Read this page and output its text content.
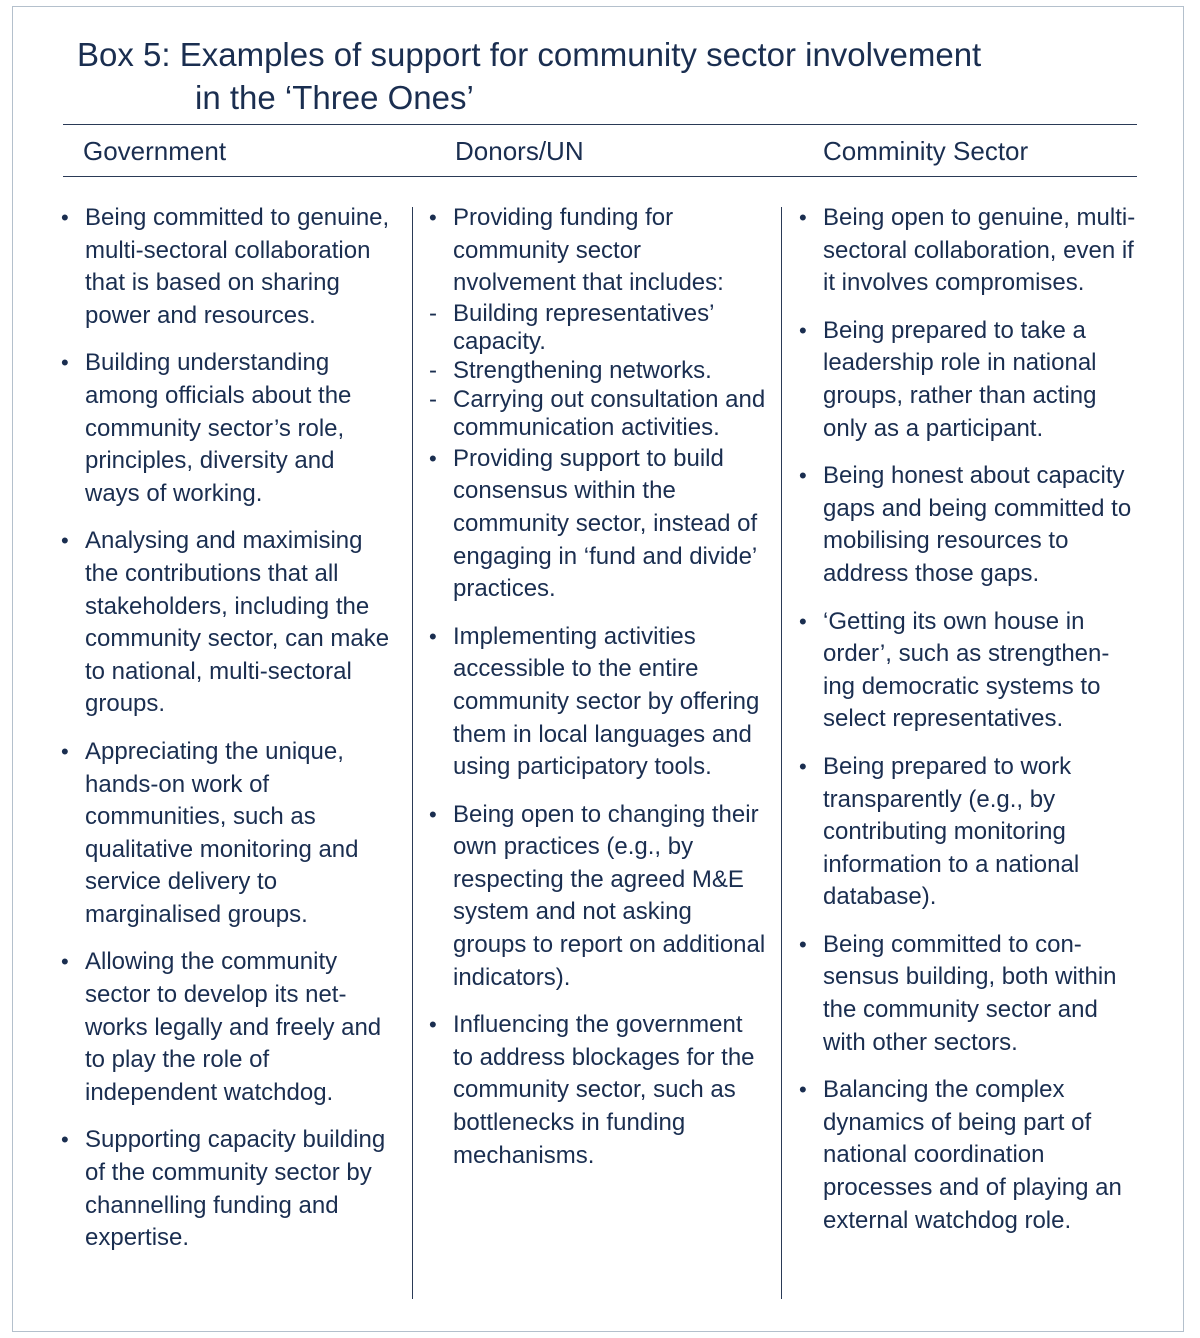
Box 5: Examples of support for community sector involvement
in the ‘Three Ones’
Government	Donors/UN	Comminity Sector
• Being committed to genuine, multi-sectoral collaboration that is based on sharing power and resources.
• Building understanding among officials about the community sector’s role, principles, diversity and ways of working.
• Analysing and maximising the contributions that all stakeholders, including the community sector, can make to national, multi-sectoral groups.
• Appreciating the unique, hands-on work of communities, such as qualitative monitoring and service delivery to marginalised groups.
• Allowing the community sector to develop its net-works legally and freely and to play the role of independent watchdog.
• Supporting capacity building of the community sector by channelling funding and expertise.
• Providing funding for community sector nvolvement that includes:
- Building representatives’ capacity.
- Strengthening networks.
- Carrying out consultation and communication activities.
• Providing support to build consensus within the community sector, instead of engaging in ‘fund and divide’ practices.
• Implementing activities accessible to the entire community sector by offering them in local languages and using participatory tools.
• Being open to changing their own practices (e.g., by respecting the agreed M&E system and not asking groups to report on additional indicators).
• Influencing the government to address blockages for the community sector, such as bottlenecks in funding mechanisms.
• Being open to genuine, multi-sectoral collaboration, even if it involves compromises.
• Being prepared to take a leadership role in national groups, rather than acting only as a participant.
• Being honest about capacity gaps and being committed to mobilising resources to address those gaps.
• ‘Getting its own house in order’, such as strengthen-ing democratic systems to select representatives.
• Being prepared to work transparently (e.g., by contributing monitoring information to a national database).
• Being committed to con-sensus building, both within the community sector and with other sectors.
• Balancing the complex dynamics of being part of national coordination processes and of playing an external watchdog role.
